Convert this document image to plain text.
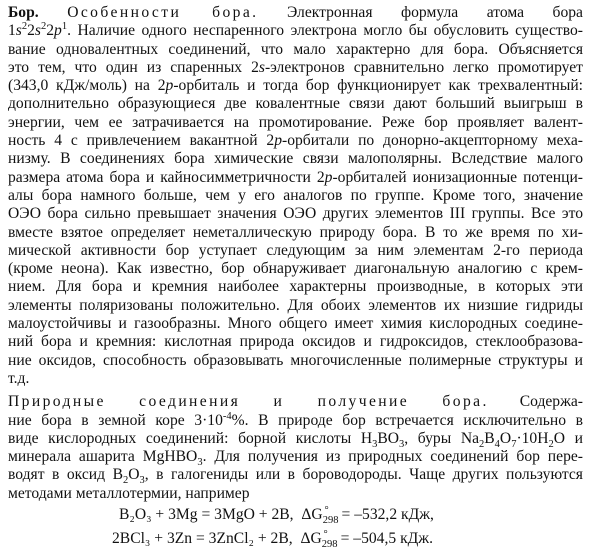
Бор. Особенности бора. Электронная формула атома бора
$1s^22s^22p^1$. Наличие одного неспаренного электрона могло бы обусловить существо-
вание одновалентных соединений, что мало характерно для бора. Объясняется
это тем, что один из спаренных 2s-электронов сравнительно легко промотирует
(343,0 кДж/моль) на 2p-орбиталь и тогда бор функционирует как трехвалентный:
дополнительно образующиеся две ковалентные связи дают больший выигрыш в
энергии, чем ее затрачивается на промотирование. Реже бор проявляет валент-
ность 4 с привлечением вакантной 2p-орбитали по донорно-акцепторному меха-
низму. В соединениях бора химические связи малополярны. Вследствие малого
размера атома бора и кайносимметричности 2p-орбиталей ионизационные потенци-
алы бора намного больше, чем у его аналогов по группе. Кроме того, значение
ОЭО бора сильно превышает значения ОЭО других элементов III группы. Все это
вместе взятое определяет неметаллическую природу бора. В то же время по хи-
мической активности бор уступает следующим за ним элементам 2-го периода
(кроме неона). Как известно, бор обнаруживает диагональную аналогию с крем-
нием. Для бора и кремния наиболее характерны производные, в которых эти
элементы поляризованы положительно. Для обоих элементов их низшие гидриды
малоустойчивы и газообразны. Много общего имеет химия кислородных соедине-
ний бора и кремния: кислотная природа оксидов и гидроксидов, стеклообразова-
ние оксидов, способность образовывать многочисленные полимерные структуры и
т.д.

Природные соединения и получение бора. Содержа-
ние бора в земной коре $3\cdot 10^{-4}\%$. В природе бор встречается исключительно в
виде кислородных соединений: борной кислоты $H_3BO_3$, буры $Na_2B_4O_7\cdot 10H_2O$ и
минерала ашарита MgHBO$_3$. Для получения из природных соединений бор пере-
водят в оксид $B_2O_3$, в галогениды или в бороводороды. Чаще других пользуются
методами металлотермии, например

B₂O₃ + 3Mg = 3MgO + 2B, $\Delta G_{298}^\circ = -532,2$ кДж,
2BCl₃ + 3Zn = 3ZnCl₂ + 2B, $\Delta G_{298}^\circ = -504,5$ кДж.
